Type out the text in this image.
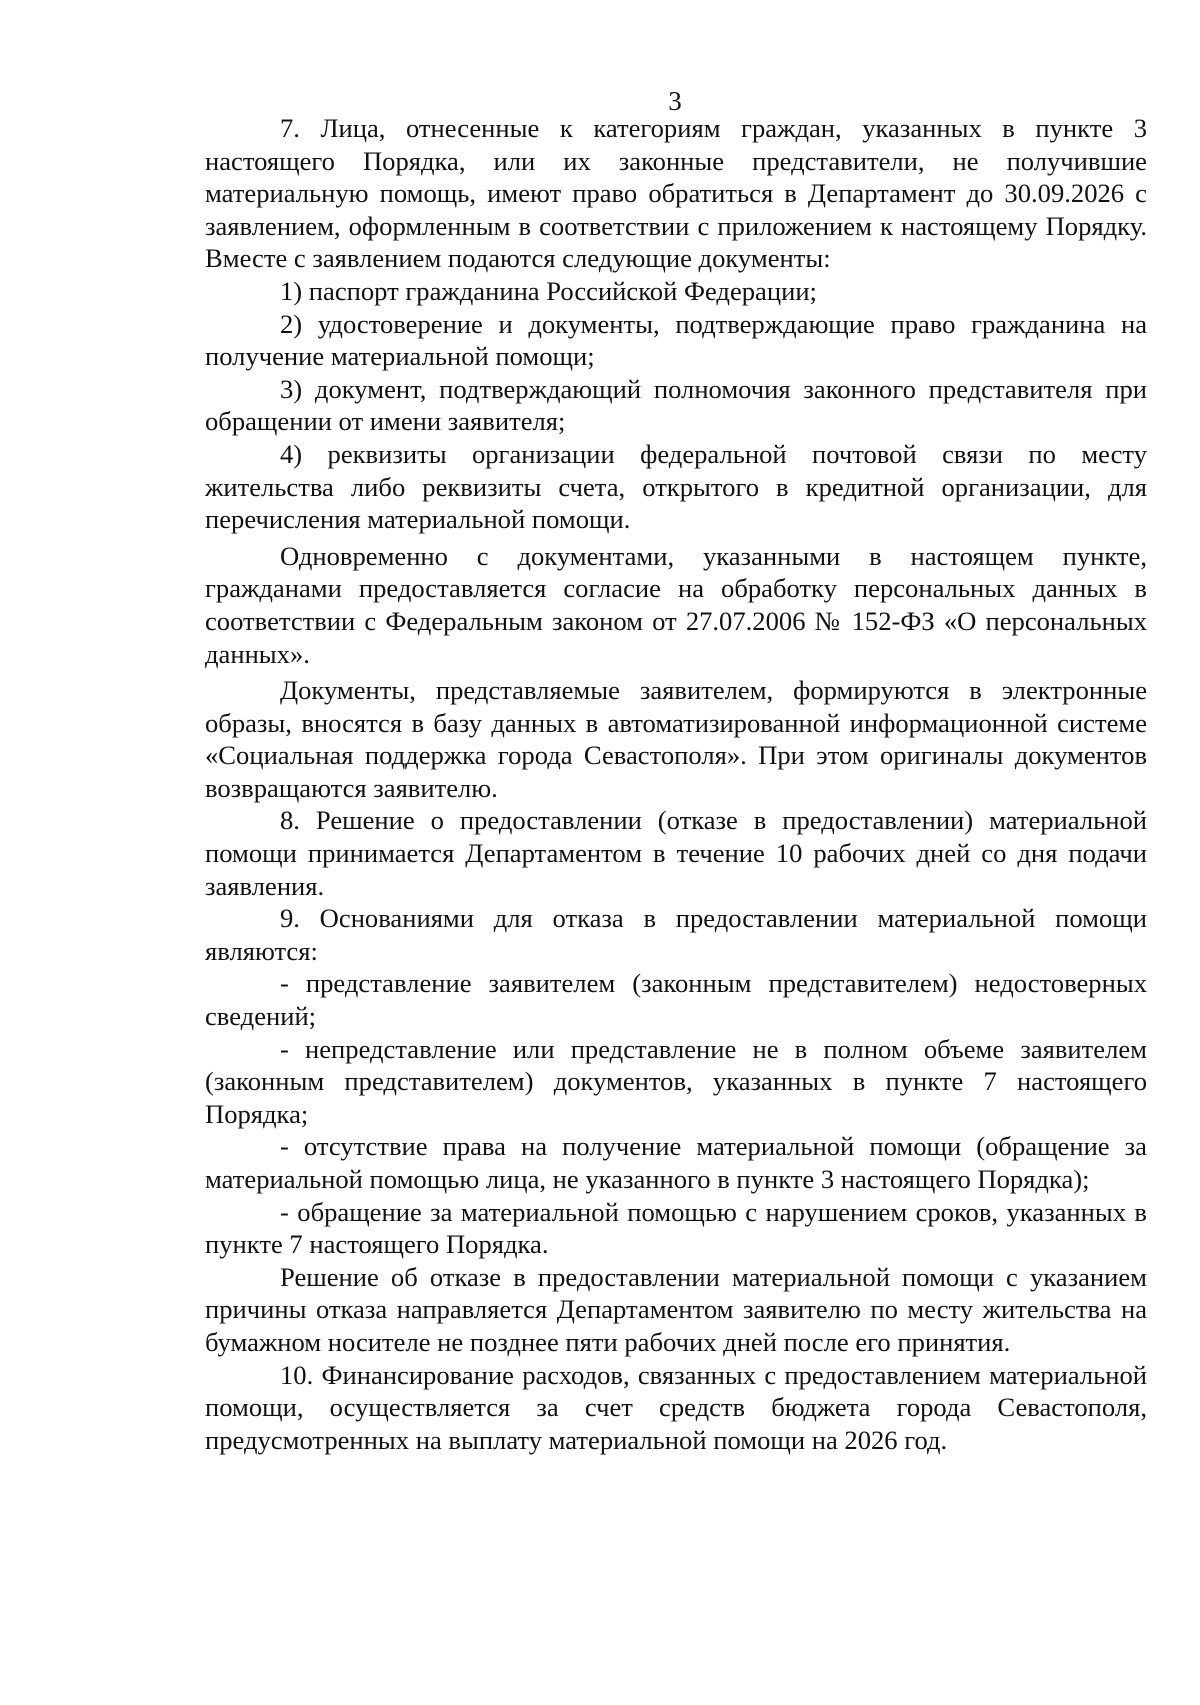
3

7. Лица, отнесенные к категориям граждан, указанных в пункте 3 настоящего Порядка, или их законные представители, не получившие материальную помощь, имеют право обратиться в Департамент до 30.09.2026 с заявлением, оформленным в соответствии с приложением к настоящему Порядку. Вместе с заявлением подаются следующие документы:

1) паспорт гражданина Российской Федерации;

2) удостоверение и документы, подтверждающие право гражданина на получение материальной помощи;

3) документ, подтверждающий полномочия законного представителя при обращении от имени заявителя;

4) реквизиты организации федеральной почтовой связи по месту жительства либо реквизиты счета, открытого в кредитной организации, для перечисления материальной помощи.

Одновременно с документами, указанными в настоящем пункте, гражданами предоставляется согласие на обработку персональных данных в соответствии с Федеральным законом от 27.07.2006 № 152-ФЗ «О персональных данных».

Документы, представляемые заявителем, формируются в электронные образы, вносятся в базу данных в автоматизированной информационной системе «Социальная поддержка города Севастополя». При этом оригиналы документов возвращаются заявителю.

8. Решение о предоставлении (отказе в предоставлении) материальной помощи принимается Департаментом в течение 10 рабочих дней со дня подачи заявления.

9. Основаниями для отказа в предоставлении материальной помощи являются:

- представление заявителем (законным представителем) недостоверных сведений;

- непредставление или представление не в полном объеме заявителем (законным представителем) документов, указанных в пункте 7 настоящего Порядка;

- отсутствие права на получение материальной помощи (обращение за материальной помощью лица, не указанного в пункте 3 настоящего Порядка);

- обращение за материальной помощью с нарушением сроков, указанных в пункте 7 настоящего Порядка.

Решение об отказе в предоставлении материальной помощи с указанием причины отказа направляется Департаментом заявителю по месту жительства на бумажном носителе не позднее пяти рабочих дней после его принятия.

10. Финансирование расходов, связанных с предоставлением материальной помощи, осуществляется за счет средств бюджета города Севастополя, предусмотренных на выплату материальной помощи на 2026 год.
